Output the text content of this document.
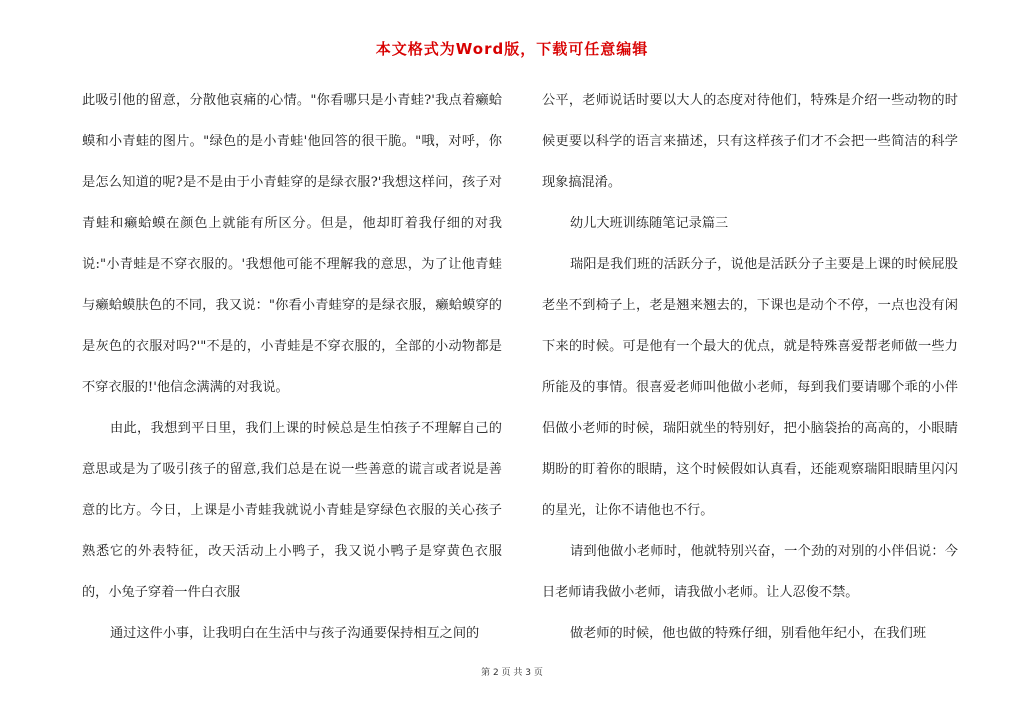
本文格式为Word版，下载可任意编辑

此吸引他的留意，分散他哀痛的心情。"你看哪只是小青蛙?'我点着癞蛤蟆和小青蛙的图片。"绿色的是小青蛙'他回答的很干脆。"哦，对呼，你是怎么知道的呢?是不是由于小青蛙穿的是绿衣服?'我想这样问，孩子对青蛙和癞蛤蟆在颜色上就能有所区分。但是，他却盯着我仔细的对我说:"小青蛙是不穿衣服的。'我想他可能不理解我的意思，为了让他青蛙与癞蛤蟆肤色的不同，我又说："你看小青蛙穿的是绿衣服，癞蛤蟆穿的是灰色的衣服对吗?'"不是的，小青蛙是不穿衣服的，全部的小动物都是不穿衣服的!'他信念满满的对我说。

由此，我想到平日里，我们上课的时候总是生怕孩子不理解自己的意思或是为了吸引孩子的留意,我们总是在说一些善意的谎言或者说是善意的比方。今日，上课是小青蛙我就说小青蛙是穿绿色衣服的关心孩子熟悉它的外表特征，改天活动上小鸭子，我又说小鸭子是穿黄色衣服的，小兔子穿着一件白衣服

通过这件小事，让我明白在生活中与孩子沟通要保持相互之间的

公平，老师说话时要以大人的态度对待他们，特殊是介绍一些动物的时候更要以科学的语言来描述，只有这样孩子们才不会把一些简洁的科学现象搞混淆。

幼儿大班训练随笔记录篇三

瑞阳是我们班的活跃分子，说他是活跃分子主要是上课的时候屁股老坐不到椅子上，老是翘来翘去的，下课也是动个不停，一点也没有闲下来的时候。可是他有一个最大的优点，就是特殊喜爱帮老师做一些力所能及的事情。很喜爱老师叫他做小老师，每到我们要请哪个乖的小伴侣做小老师的时候，瑞阳就坐的特别好，把小脑袋抬的高高的，小眼睛期盼的盯着你的眼睛，这个时候假如认真看，还能观察瑞阳眼睛里闪闪的星光，让你不请他也不行。

请到他做小老师时，他就特别兴奋，一个劲的对别的小伴侣说：今日老师请我做小老师，请我做小老师。让人忍俊不禁。

做老师的时候，他也做的特殊仔细，别看他年纪小，在我们班

第 2 页 共 3 页
